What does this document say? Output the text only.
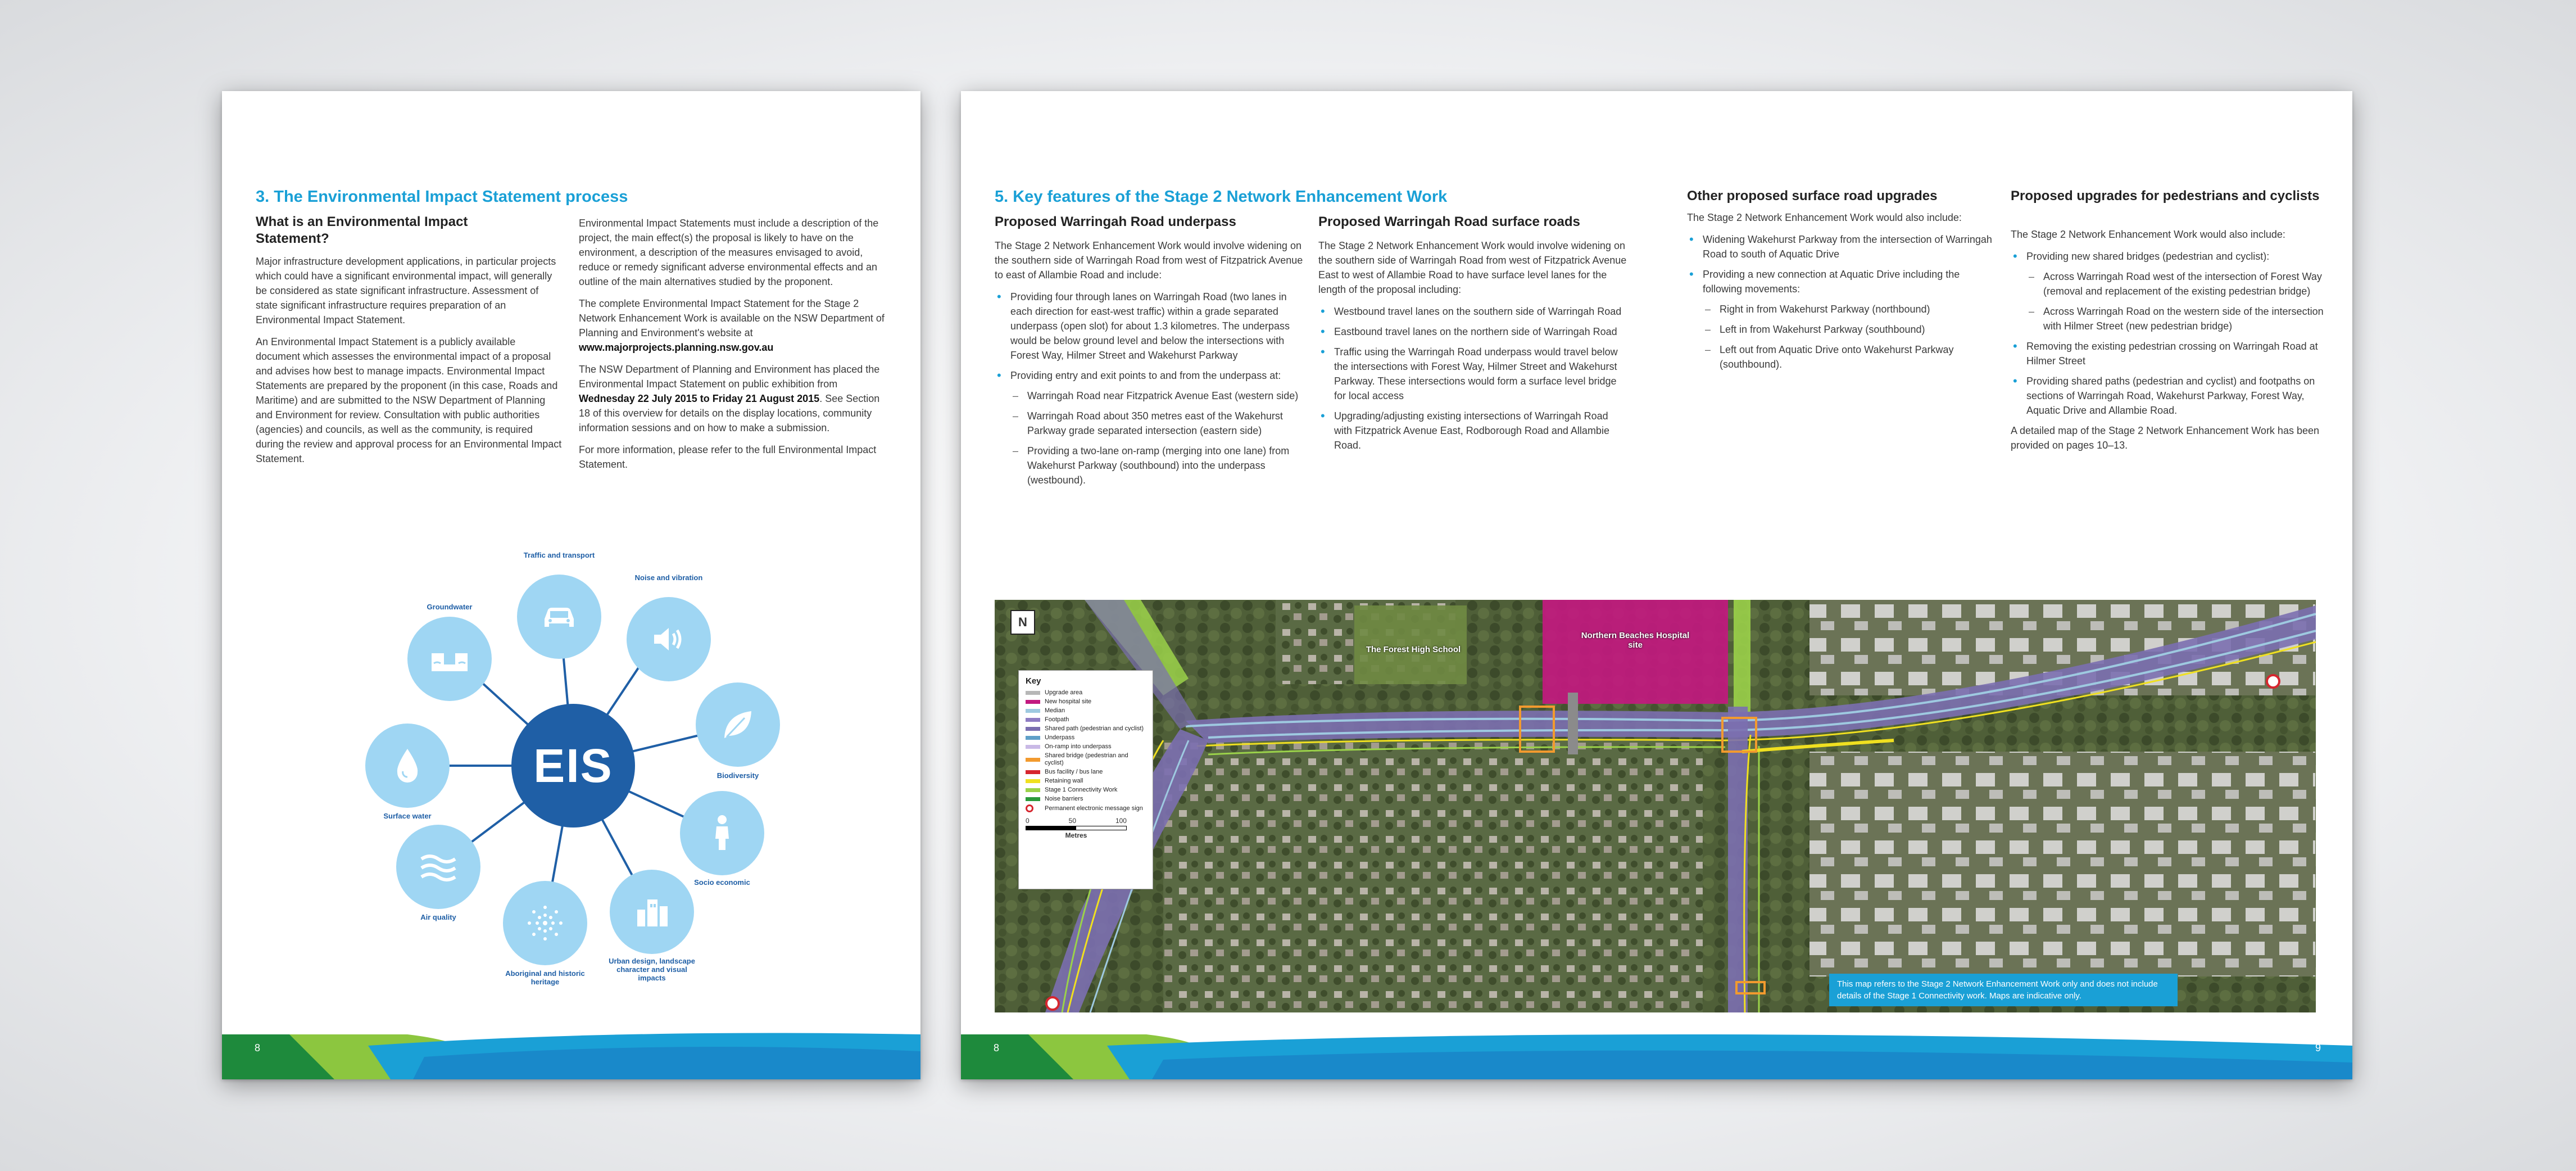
3. The Environmental Impact Statement process
What is an Environmental Impact Statement?

Major infrastructure development applications, in particular projects which could have a significant environmental impact, will generally be considered as state significant infrastructure. Assessment of state significant infrastructure requires preparation of an Environmental Impact Statement.

An Environmental Impact Statement is a publicly available document which assesses the environmental impact of a proposal and advises how best to manage impacts. Environmental Impact Statements are prepared by the proponent (in this case, Roads and Maritime) and are submitted to the NSW Department of Planning and Environment for review. Consultation with public authorities (agencies) and councils, as well as the community, is required during the review and approval process for an Environmental Impact Statement.

Environmental Impact Statements must include a description of the project, the main effect(s) the proposal is likely to have on the environment, a description of the measures envisaged to avoid, reduce or remedy significant adverse environmental effects and an outline of the main alternatives studied by the proponent.

The complete Environmental Impact Statement for the Stage 2 Network Enhancement Work is available on the NSW Department of Planning and Environment's website at www.majorprojects.planning.nsw.gov.au

The NSW Department of Planning and Environment has placed the Environmental Impact Statement on public exhibition from Wednesday 22 July 2015 to Friday 21 August 2015. See Section 18 of this overview for details on the display locations, community information sessions and on how to make a submission.

For more information, please refer to the full Environmental Impact Statement.

Traffic and transport
Noise and vibration
Biodiversity
Socio economic
Urban design, landscape character and visual impacts
Aboriginal and historic heritage
Air quality
Surface water
Groundwater
EIS
8
5. Key features of the Stage 2 Network Enhancement Work
Proposed Warringah Road underpass

The Stage 2 Network Enhancement Work would involve widening on the southern side of Warringah Road from west of Fitzpatrick Avenue to east of Allambie Road and include:

• Providing four through lanes on Warringah Road (two lanes in each direction for east-west traffic) within a grade separated underpass (open slot) for about 1.3 kilometres. The underpass would be below ground level and below the intersections with Forest Way, Hilmer Street and Wakehurst Parkway
• Providing entry and exit points to and from the underpass at:
– Warringah Road near Fitzpatrick Avenue East (western side)
– Warringah Road about 350 metres east of the Wakehurst Parkway grade separated intersection (eastern side)
– Providing a two-lane on-ramp (merging into one lane) from Wakehurst Parkway (southbound) into the underpass (westbound).
Proposed Warringah Road surface roads

The Stage 2 Network Enhancement Work would involve widening on the southern side of Warringah Road from west of Fitzpatrick Avenue East to west of Allambie Road to have surface level lanes for the length of the proposal including:

• Westbound travel lanes on the southern side of Warringah Road
• Eastbound travel lanes on the northern side of Warringah Road
• Traffic using the Warringah Road underpass would travel below the intersections with Forest Way, Hilmer Street and Wakehurst Parkway. These intersections would form a surface level bridge for local access
• Upgrading/adjusting existing intersections of Warringah Road with Fitzpatrick Avenue East, Rodborough Road and Allambie Road.
Other proposed surface road upgrades

The Stage 2 Network Enhancement Work would also include:

• Widening Wakehurst Parkway from the intersection of Warringah Road to south of Aquatic Drive
• Providing a new connection at Aquatic Drive including the following movements:
– Right in from Wakehurst Parkway (northbound)
– Left in from Wakehurst Parkway (southbound)
– Left out from Aquatic Drive onto Wakehurst Parkway (southbound).
Proposed upgrades for pedestrians and cyclists

The Stage 2 Network Enhancement Work would also include:

• Providing new shared bridges (pedestrian and cyclist):
– Across Warringah Road west of the intersection of Forest Way (removal and replacement of the existing pedestrian bridge)
– Across Warringah Road on the western side of the intersection with Hilmer Street (new pedestrian bridge)
• Removing the existing pedestrian crossing on Warringah Road at Hilmer Street
• Providing shared paths (pedestrian and cyclist) and footpaths on sections of Warringah Road, Wakehurst Parkway, Forest Way, Aquatic Drive and Allambie Road.

A detailed map of the Stage 2 Network Enhancement Work has been provided on pages 10–13.

N
The Forest High School
Northern Beaches Hospital site
Key
Upgrade area
New hospital site
Median
Footpath
Shared path (pedestrian and cyclist)
Underpass
On-ramp into underpass
Shared bridge (pedestrian and cyclist)
Bus facility / bus lane
Retaining wall
Stage 1 Connectivity Work
Noise barriers
Permanent electronic message sign
0	50	100
Metres
This map refers to the Stage 2 Network Enhancement Work only and does not include details of the Stage 1 Connectivity work. Maps are indicative only.
8	9
